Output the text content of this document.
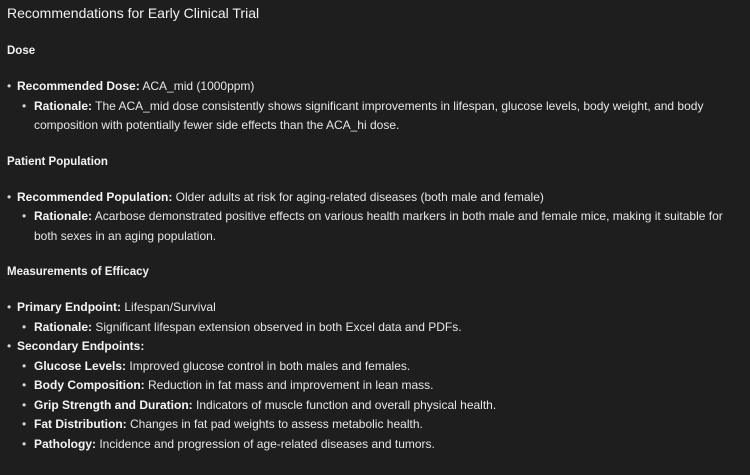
Recommendations for Early Clinical Trial
Dose
• Recommended Dose: ACA_mid (1000ppm)
• Rationale: The ACA_mid dose consistently shows significant improvements in lifespan, glucose levels, body weight, and body composition with potentially fewer side effects than the ACA_hi dose.
Patient Population
• Recommended Population: Older adults at risk for aging-related diseases (both male and female)
• Rationale: Acarbose demonstrated positive effects on various health markers in both male and female mice, making it suitable for both sexes in an aging population.
Measurements of Efficacy
• Primary Endpoint: Lifespan/Survival
• Rationale: Significant lifespan extension observed in both Excel data and PDFs.
• Secondary Endpoints:
• Glucose Levels: Improved glucose control in both males and females.
• Body Composition: Reduction in fat mass and improvement in lean mass.
• Grip Strength and Duration: Indicators of muscle function and overall physical health.
• Fat Distribution: Changes in fat pad weights to assess metabolic health.
• Pathology: Incidence and progression of age-related diseases and tumors.
